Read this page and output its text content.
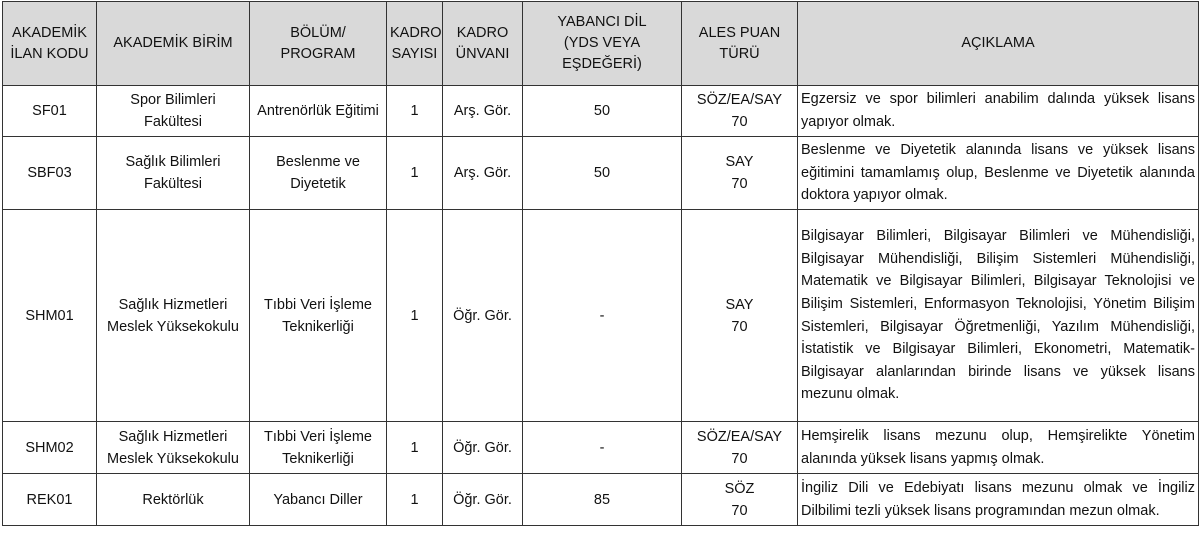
AKADEMİK
İLAN KODU	AKADEMİK BİRİM	BÖLÜM/
PROGRAM	KADRO
SAYISI	KADRO
ÜNVANI	YABANCI DİL
(YDS VEYA
EŞDEĞERİ)	ALES PUAN
TÜRÜ	AÇIKLAMA

SF01	Spor Bilimleri
Fakültesi	Antrenörlük Eğitimi	1	Arş. Gör.	50	SÖZ/EA/SAY
70	Egzersiz ve spor bilimleri anabilim dalında yüksek lisans yapıyor olmak.
SBF03	Sağlık Bilimleri
Fakültesi	Beslenme ve
Diyetetik	1	Arş. Gör.	50	SAY
70	Beslenme ve Diyetetik alanında lisans ve yüksek lisans eğitimini tamamlamış olup, Beslenme ve Diyetetik alanında doktora yapıyor olmak.
SHM01	Sağlık Hizmetleri
Meslek Yüksekokulu	Tıbbi Veri İşleme
Teknikerliği	1	Öğr. Gör.	-	SAY
70	Bilgisayar Bilimleri, Bilgisayar Bilimleri ve Mühendisliği, Bilgisayar Mühendisliği, Bilişim Sistemleri Mühendisliği, Matematik ve Bilgisayar Bilimleri, Bilgisayar Teknolojisi ve Bilişim Sistemleri, Enformasyon Teknolojisi, Yönetim Bilişim Sistemleri, Bilgisayar Öğretmenliği, Yazılım Mühendisliği, İstatistik ve Bilgisayar Bilimleri, Ekonometri, Matematik- Bilgisayar alanlarından birinde lisans ve yüksek lisans mezunu olmak.
SHM02	Sağlık Hizmetleri
Meslek Yüksekokulu	Tıbbi Veri İşleme
Teknikerliği	1	Öğr. Gör.	-	SÖZ/EA/SAY
70	Hemşirelik lisans mezunu olup, Hemşirelikte Yönetim alanında yüksek lisans yapmış olmak.
REK01	Rektörlük	Yabancı Diller	1	Öğr. Gör.	85	SÖZ
70	İngiliz Dili ve Edebiyatı lisans mezunu olmak ve İngiliz Dilbilimi tezli yüksek lisans programından mezun olmak.
